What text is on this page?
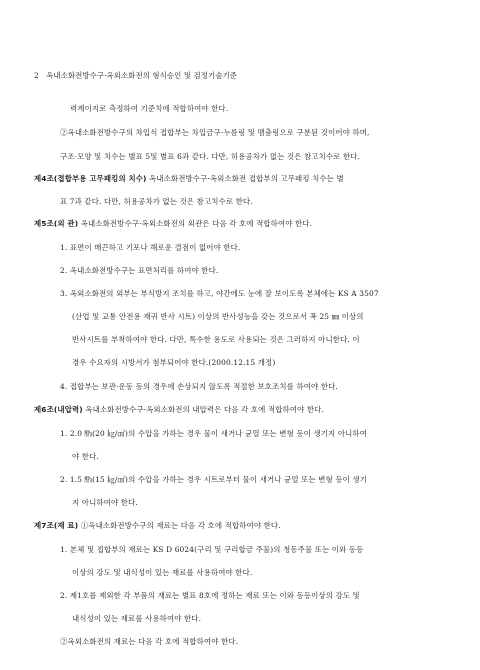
2 옥내소화전방수구·옥외소화전의 형식승인 및 검정기술기준
력계이지로 측정하여 기준치에 적합하여야 한다.
②옥내소화전방수구의 차입식 접합부는 차입금구·누름링 및 맴춤링으로 구분된 것이어야 하며,
구조·모양 및 치수는 별표 5및 별표 6과 같다. 다만, 허용공차가 없는 것은 참고치수로 한다.
제4조(접합부용 고무패킹의 치수) 옥내소화전방수구·옥외소화전 접합부의 고무패킹 치수는 별
표 7과 같다. 다만, 허용공차가 없는 것은 참고치수로 한다.
제5조(외 관) 옥내소화전방수구·옥외소화전의 외관은 다음 각 호에 적합하여야 한다.
1. 표면이 매끈하고 기포나 해로운 결점이 없어야 한다.
2. 옥내소화전방수구는 표면처리를 하여야 한다.
3. 옥외소화전의 외부는 부식방지 조치를 하고, 야간에도 눈에 잘 보이도록 본체에는 KS A 3507
(산업 및 교통 안전용 재귀 반사 시트) 이상의 반사성능을 갖는 것으로서 폭 25 ㎜ 이상의
반사시트를 부착하여야 한다. 다만, 특수한 용도로 사용되는 것은 그러하지 아니한다. 이
경우 수요자의 시방서가 첨부되어야 한다.(2000.12.15 개정)
4. 접합부는 보관·운동 등의 경우에 손상되지 않도록 적절한 보호조치를 하여야 한다.
제6조(내압력) 옥내소화전방수구·옥외소화전의 내압력은 다음 각 호에 적합하여야 한다.
1. 2.0 ㎫(20 ㎏/㎠)의 수압을 가하는 경우 물이 새거나 균열 또는 변형 등이 생기지 아니하여
야 한다.
2. 1.5 ㎫(15 ㎏/㎠)의 수압을 가하는 경우 시트로부터 물이 새거나 균열 또는 변형 등이 생기
지 아니하여야 한다.
제7조(재 료) ①옥내소화전방수구의 재료는 다음 각 호에 적합하여야 한다.
1. 본체 및 접합부의 재료는 KS D 6024(구리 및 구리합금 주물)의 청동주물 또는 이와 동등
이상의 강도 및 내식성이 있는 재료를 사용하여야 한다.
2. 제1호를 제외한 각 부품의 재료는 별표 8호에 정하는 재료 또는 이와 동등이상의 강도 및
내식성이 있는 재료를 사용하여야 한다.
②옥외소화전의 재료는 다음 각 호에 적합하여야 한다.
1. 본체 및 플랜지의 재료는 KS D 4301(회주철품)의 GC200 또는 이와 동등이상의 강도가 있
는 재료를 사용하여야 한다.
2. 제1호를 제외한 각 부품의 재료는 별표 9 및 별표 10에 정하는 재료 또는 이와 동등이상의 강도
및 내식성이 있는 재료를 사용하여야 한다.
3. 물이 항상 접촉되어 녹이 발생할 염려가 있는 부분은 내식가공 또는 방청가공을 하여야
